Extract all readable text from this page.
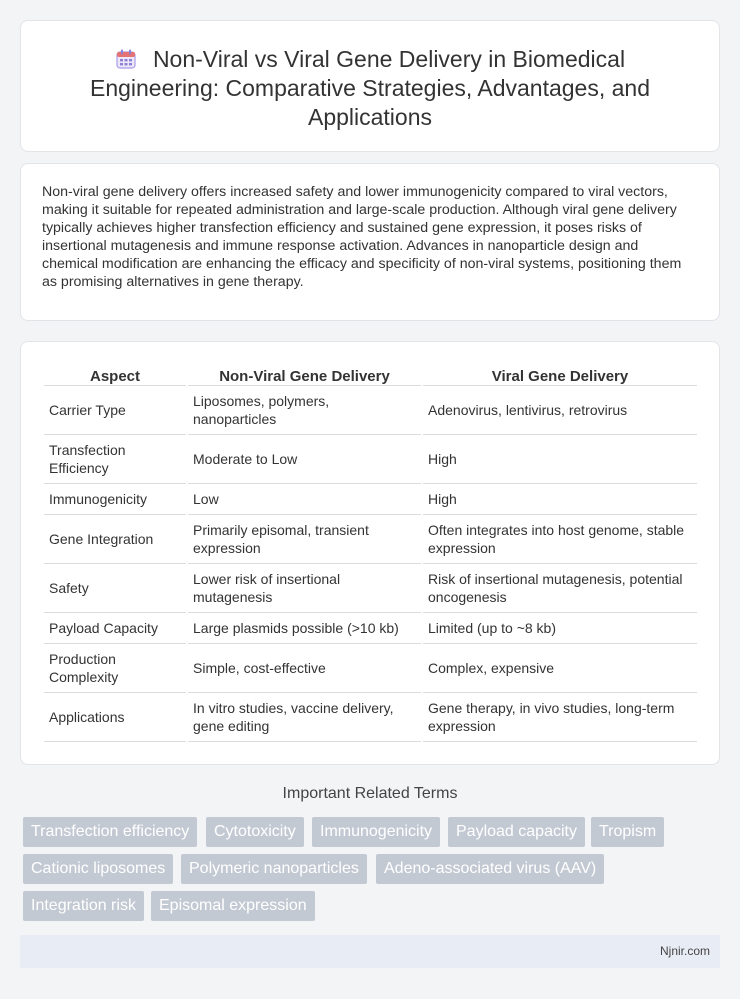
Non-Viral vs Viral Gene Delivery in Biomedical Engineering: Comparative Strategies, Advantages, and Applications

Non-viral gene delivery offers increased safety and lower immunogenicity compared to viral vectors, making it suitable for repeated administration and large-scale production. Although viral gene delivery typically achieves higher transfection efficiency and sustained gene expression, it poses risks of insertional mutagenesis and immune response activation. Advances in nanoparticle design and chemical modification are enhancing the efficacy and specificity of non-viral systems, positioning them as promising alternatives in gene therapy.

Aspect	Non-Viral Gene Delivery	Viral Gene Delivery
Carrier Type	Liposomes, polymers, nanoparticles	Adenovirus, lentivirus, retrovirus
Transfection Efficiency	Moderate to Low	High
Immunogenicity	Low	High
Gene Integration	Primarily episomal, transient expression	Often integrates into host genome, stable expression
Safety	Lower risk of insertional mutagenesis	Risk of insertional mutagenesis, potential oncogenesis
Payload Capacity	Large plasmids possible (>10 kb)	Limited (up to ~8 kb)
Production Complexity	Simple, cost-effective	Complex, expensive
Applications	In vitro studies, vaccine delivery, gene editing	Gene therapy, in vivo studies, long-term expression
Important Related Terms
Transfection efficiency	Cytotoxicity	Immunogenicity	Payload capacity	Tropism
Cationic liposomes	Polymeric nanoparticles	Adeno-associated virus (AAV)
Integration risk	Episomal expression
Njnir.com
